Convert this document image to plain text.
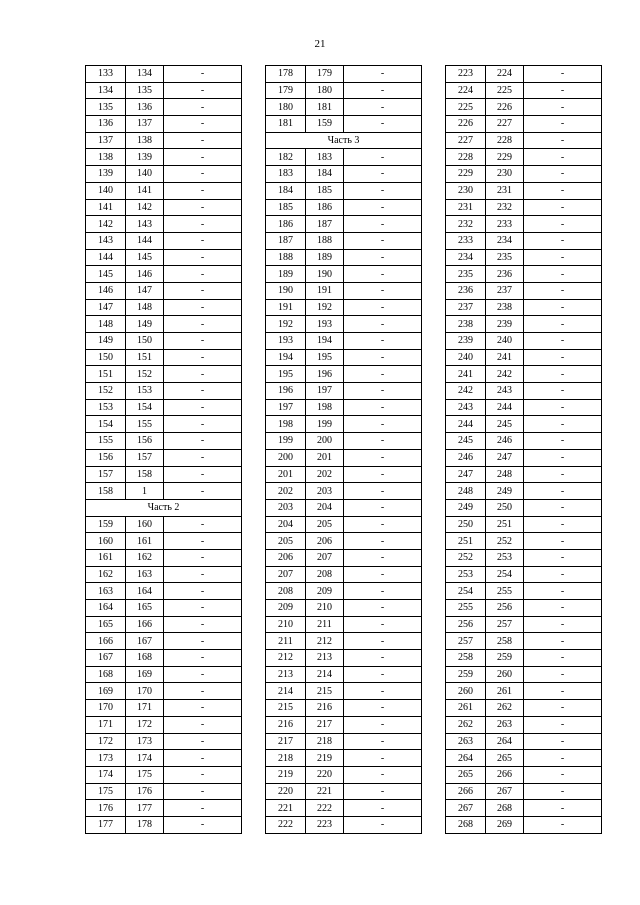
21
133	134	-
134	135	-
135	136	-
136	137	-
137	138	-
138	139	-
139	140	-
140	141	-
141	142	-
142	143	-
143	144	-
144	145	-
145	146	-
146	147	-
147	148	-
148	149	-
149	150	-
150	151	-
151	152	-
152	153	-
153	154	-
154	155	-
155	156	-
156	157	-
157	158	-
158	1	-
Часть 2		
159	160	-
160	161	-
161	162	-
162	163	-
163	164	-
164	165	-
165	166	-
166	167	-
167	168	-
168	169	-
169	170	-
170	171	-
171	172	-
172	173	-
173	174	-
174	175	-
175	176	-
176	177	-
177	178	-
178	179	-
179	180	-
180	181	-
181	159	-
Часть 3		
182	183	-
183	184	-
184	185	-
185	186	-
186	187	-
187	188	-
188	189	-
189	190	-
190	191	-
191	192	-
192	193	-
193	194	-
194	195	-
195	196	-
196	197	-
197	198	-
198	199	-
199	200	-
200	201	-
201	202	-
202	203	-
203	204	-
204	205	-
205	206	-
206	207	-
207	208	-
208	209	-
209	210	-
210	211	-
211	212	-
212	213	-
213	214	-
214	215	-
215	216	-
216	217	-
217	218	-
218	219	-
219	220	-
220	221	-
221	222	-
222	223	-
223	224	-
224	225	-
225	226	-
226	227	-
227	228	-
228	229	-
229	230	-
230	231	-
231	232	-
232	233	-
233	234	-
234	235	-
235	236	-
236	237	-
237	238	-
238	239	-
239	240	-
240	241	-
241	242	-
242	243	-
243	244	-
244	245	-
245	246	-
246	247	-
247	248	-
248	249	-
249	250	-
250	251	-
251	252	-
252	253	-
253	254	-
254	255	-
255	256	-
256	257	-
257	258	-
258	259	-
259	260	-
260	261	-
261	262	-
262	263	-
263	264	-
264	265	-
265	266	-
266	267	-
267	268	-
268	269	-
